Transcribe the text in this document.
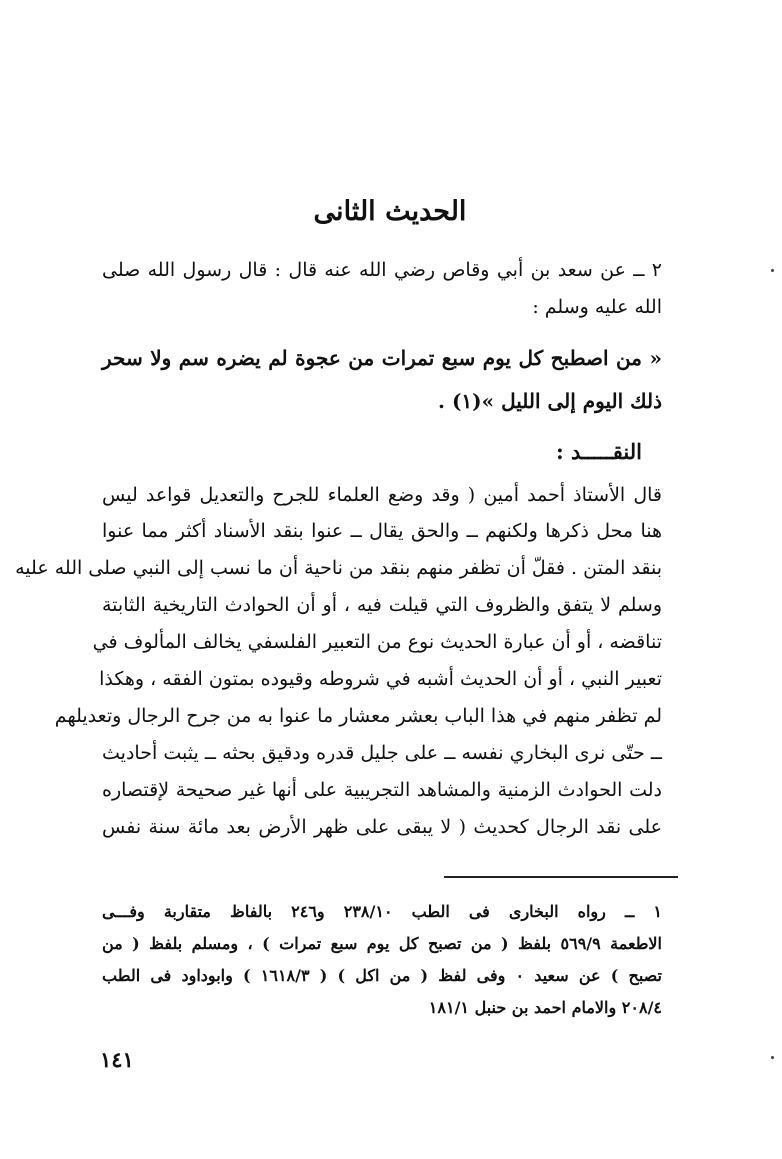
الحديث الثانى
٢ ــ عن سعد بن أبي وقاص رضي الله عنه قال : قال رسول الله صلى
الله عليه وسلم :
« من اصطبح كل يوم سبع تمرات من عجوة لم يضره سم ولا سحر
ذلك اليوم إلى الليل »(١) .
النقـــــد :
قال الأستاذ أحمد أمين ( وقد وضع العلماء للجرح والتعديل قواعد ليس
هنا محل ذكرها ولكنهم ــ والحق يقال ــ عنوا بنقد الأسناد أكثر مما عنوا
بنقد المتن . فقلّ أن تظفر منهم بنقد من ناحية أن ما نسب إلى النبي صلى الله عليه
وسلم لا يتفق والظروف التي قيلت فيه ، أو أن الحوادث التاريخية الثابتة
تناقضه ، أو أن عبارة الحديث نوع من التعبير الفلسفي يخالف المألوف في
تعبير النبي ، أو أن الحديث أشبه في شروطه وقيوده بمتون الفقه ، وهكذا
لم تظفر منهم في هذا الباب بعشر معشار ما عنوا به من جرح الرجال وتعديلهم
ــ حتّى نرى البخاري نفسه ــ على جليل قدره ودقيق بحثه ــ يثبت أحاديث
دلت الحوادث الزمنية والمشاهد التجريبية على أنها غير صحيحة لإقتصاره
على نقد الرجال كحديث ( لا يبقى على ظهر الأرض بعد مائة سنة نفس
١ ــ رواه البخارى فى الطب ٢٣٨/١٠ و٢٤٦ بالفاظ متقاربة وفـــى
الاطعمة ٥٦٩/٩ بلفظ ( من تصبح كل يوم سبع تمرات ) ، ومسلم بلفظ ( من
تصبح ) عن سعيد ٠ وفى لفظ ( من اكل ) ( ١٦١٨/٣ ) وابوداود فى الطب
٢٠٨/٤ والامام احمد بن حنبل ١٨١/١
١٤١
